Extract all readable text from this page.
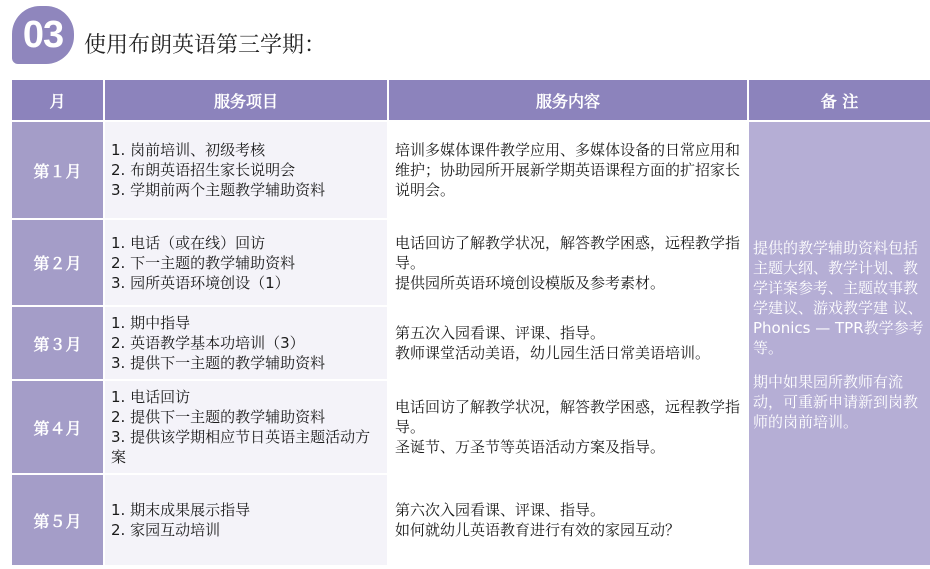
03 使用布朗英语第三学期：
月	服务项目	服务内容	备 注
第１月	1. 岗前培训、初级考核
2. 布朗英语招生家长说明会
3. 学期前两个主题教学辅助资料	培训多媒体课件教学应用、多媒体设备的日常应用和维护；协助园所开展新学期英语课程方面的扩招家长说明会。	提供的教学辅助资料包括主题大纲、教学计划、教学详案参考、主题故事教学建议、游戏教学建 议、Phonics — TPR教学参考等。
期中如果园所教师有流动，可重新申请新到岗教师的岗前培训。

第２月	1. 电话（或在线）回访
2. 下一主题的教学辅助资料
3. 园所英语环境创设（1）	电话回访了解教学状况，解答教学困惑，远程教学指导。
提供园所英语环境创设模版及参考素材。	

第３月	1. 期中指导
2. 英语教学基本功培训（3）
3. 提供下一主题的教学辅助资料	第五次入园看课、评课、指导。
教师课堂活动美语，幼儿园生活日常美语培训。	

第４月	1. 电话回访
2. 提供下一主题的教学辅助资料
3. 提供该学期相应节日英语主题活动方案	电话回访了解教学状况，解答教学困惑，远程教学指导。
圣诞节、万圣节等英语活动方案及指导。	

第５月	1. 期末成果展示指导
2. 家园互动培训	第六次入园看课、评课、指导。
如何就幼儿英语教育进行有效的家园互动？	
